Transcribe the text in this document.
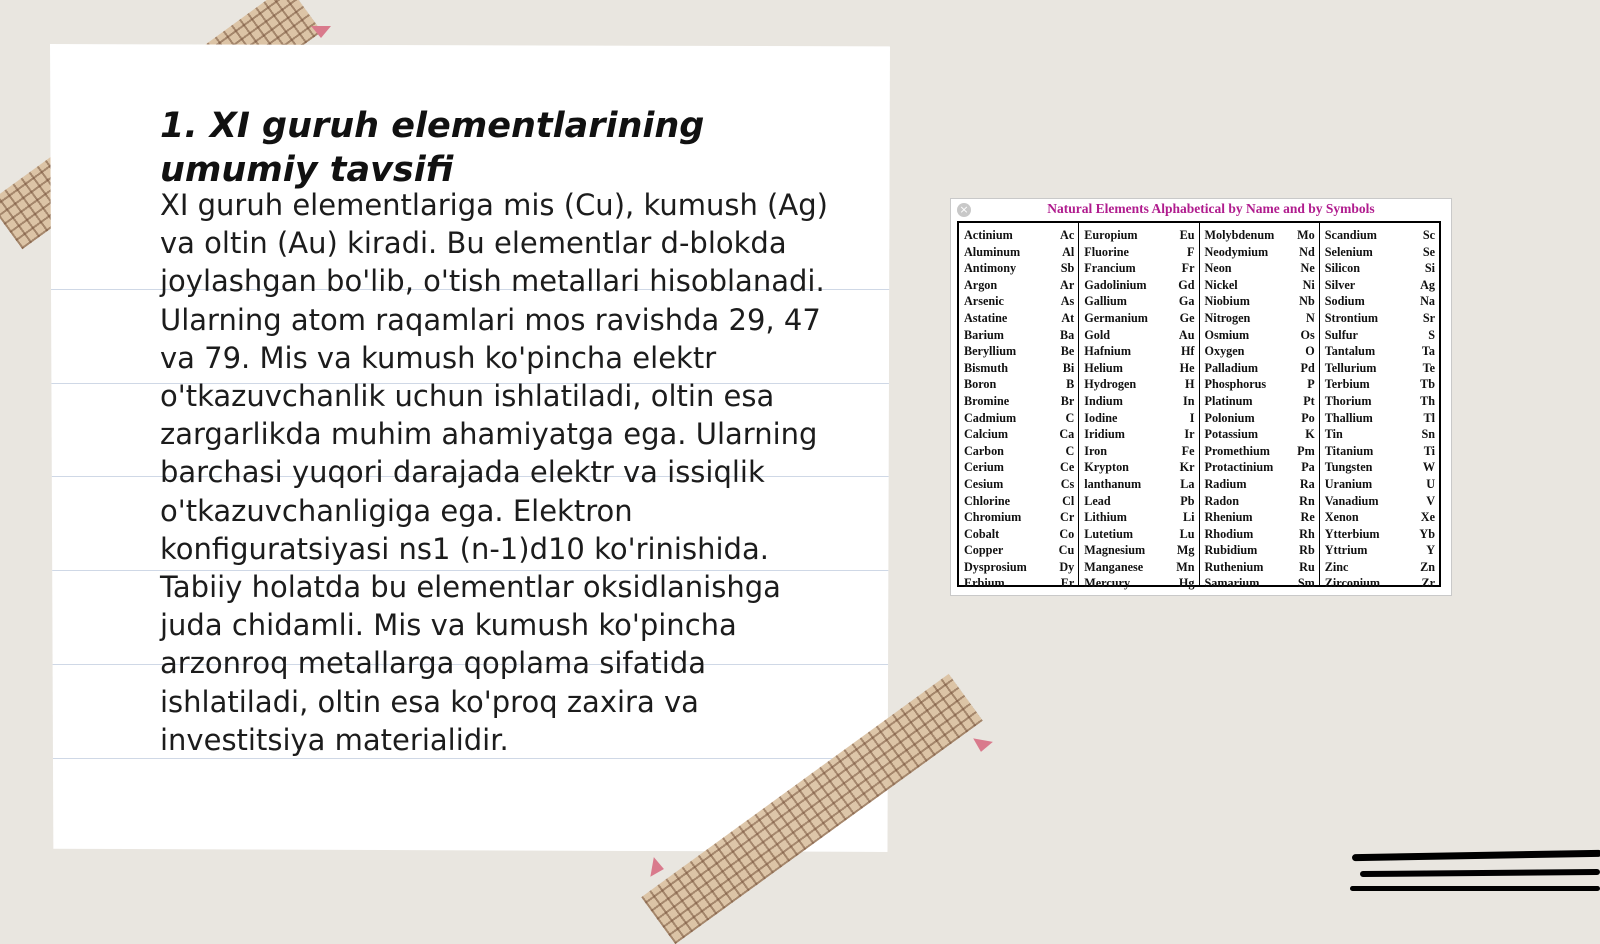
1. XI guruh elementlarining umumiy tavsifi

XI guruh elementlariga mis (Cu), kumush (Ag) va oltin (Au) kiradi. Bu elementlar d-blokda joylashgan bo'lib, o'tish metallari hisoblanadi. Ularning atom raqamlari mos ravishda 29, 47 va 79. Mis va kumush ko'pincha elektr o'tkazuvchanlik uchun ishlatiladi, oltin esa zargarlikda muhim ahamiyatga ega. Ularning barchasi yuqori darajada elektr va issiqlik o'tkazuvchanligiga ega. Elektron konfiguratsiyasi ns1 (n-1)d10 ko'rinishida. Tabiiy holatda bu elementlar oksidlanishga juda chidamli. Mis va kumush ko'pincha arzonroq metallarga qoplama sifatida ishlatiladi, oltin esa ko'proq zaxira va investitsiya materialidir.

×	Natural Elements Alphabetical by Name and by Symbols
Actinium	Ac
Aluminum	Al
Antimony	Sb
Argon	Ar
Arsenic	As
Astatine	At
Barium	Ba
Beryllium	Be
Bismuth	Bi
Boron	B
Bromine	Br
Cadmium	C
Calcium	Ca
Carbon	C
Cerium	Ce
Cesium	Cs
Chlorine	Cl
Chromium	Cr
Cobalt	Co
Copper	Cu
Dysprosium	Dy
Erbium	Er
Europium	Eu
Fluorine	F
Francium	Fr
Gadolinium	Gd
Gallium	Ga
Germanium	Ge
Gold	Au
Hafnium	Hf
Helium	He
Hydrogen	H
Indium	In
Iodine	I
Iridium	Ir
Iron	Fe
Krypton	Kr
lanthanum	La
Lead	Pb
Lithium	Li
Lutetium	Lu
Magnesium	Mg
Manganese	Mn
Mercury	Hg
Molybdenum Mo
Neodymium	Nd
Neon	Ne
Nickel	Ni
Niobium	Nb
Nitrogen	N
Osmium	Os
Oxygen	O
Palladium	Pd
Phosphorus	P
Platinum	Pt
Polonium	Po
Potassium	K
Promethium Pm
Protactinium Pa
Radium	Ra
Radon	Rn
Rhenium	Re
Rhodium	Rh
Rubidium	Rb
Ruthenium	Ru
Samarium	Sm
Scandium	Sc
Selenium	Se
Silicon	Si
Silver	Ag
Sodium	Na
Strontium	Sr
Sulfur	S
Tantalum	Ta
Tellurium	Te
Terbium	Tb
Thorium	Th
Thallium	Tl
Tin	Sn
Titanium	Ti
Tungsten	W
Uranium	U
Vanadium	V
Xenon	Xe
Ytterbium	Yb
Yttrium	Y
Zinc	Zn
Zirconium	Zr
